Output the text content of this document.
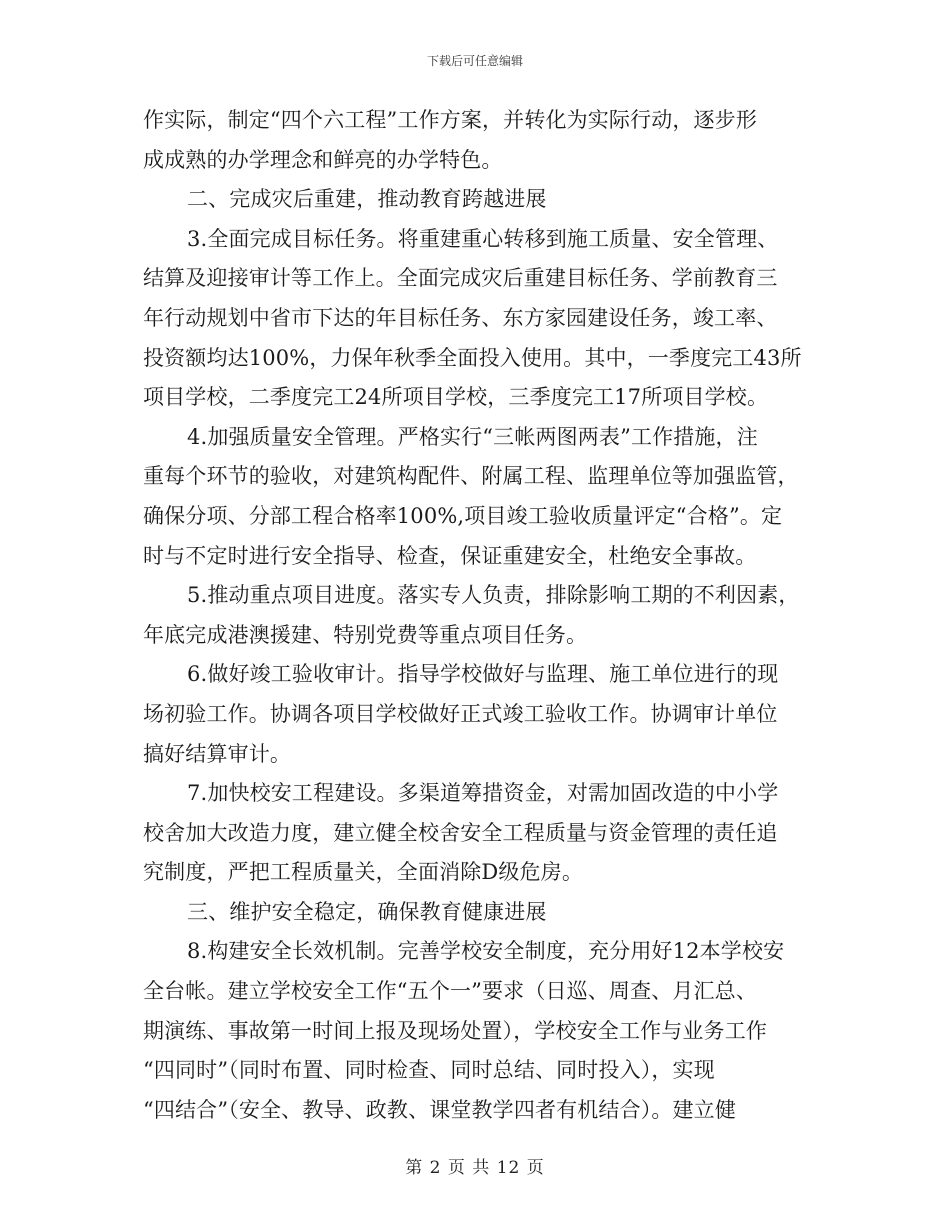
下载后可任意编辑
作实际，制定“四个六工程”工作方案，并转化为实际行动，逐步形
成成熟的办学理念和鲜亮的办学特色。
二、完成灾后重建，推动教育跨越进展
3.全面完成目标任务。将重建重心转移到施工质量、安全管理、
结算及迎接审计等工作上。全面完成灾后重建目标任务、学前教育三
年行动规划中省市下达的年目标任务、东方家园建设任务，竣工率、
投资额均达100%，力保年秋季全面投入使用。其中，一季度完工43所
项目学校，二季度完工24所项目学校，三季度完工17所项目学校。
4.加强质量安全管理。严格实行“三帐两图两表”工作措施，注
重每个环节的验收，对建筑构配件、附属工程、监理单位等加强监管，
确保分项、分部工程合格率100%,项目竣工验收质量评定“合格”。定
时与不定时进行安全指导、检查，保证重建安全，杜绝安全事故。
5.推动重点项目进度。落实专人负责，排除影响工期的不利因素，
年底完成港澳援建、特别党费等重点项目任务。
6.做好竣工验收审计。指导学校做好与监理、施工单位进行的现
场初验工作。协调各项目学校做好正式竣工验收工作。协调审计单位
搞好结算审计。
7.加快校安工程建设。多渠道筹措资金，对需加固改造的中小学
校舍加大改造力度，建立健全校舍安全工程质量与资金管理的责任追
究制度，严把工程质量关，全面消除D级危房。
三、维护安全稳定，确保教育健康进展
8.构建安全长效机制。完善学校安全制度，充分用好12本学校安
全台帐。建立学校安全工作“五个一”要求（日巡、周查、月汇总、
期演练、事故第一时间上报及现场处置），学校安全工作与业务工作
“四同时”（同时布置、同时检查、同时总结、同时投入），实现
“四结合”（安全、教导、政教、课堂教学四者有机结合）。建立健
第 2 页 共 12 页
